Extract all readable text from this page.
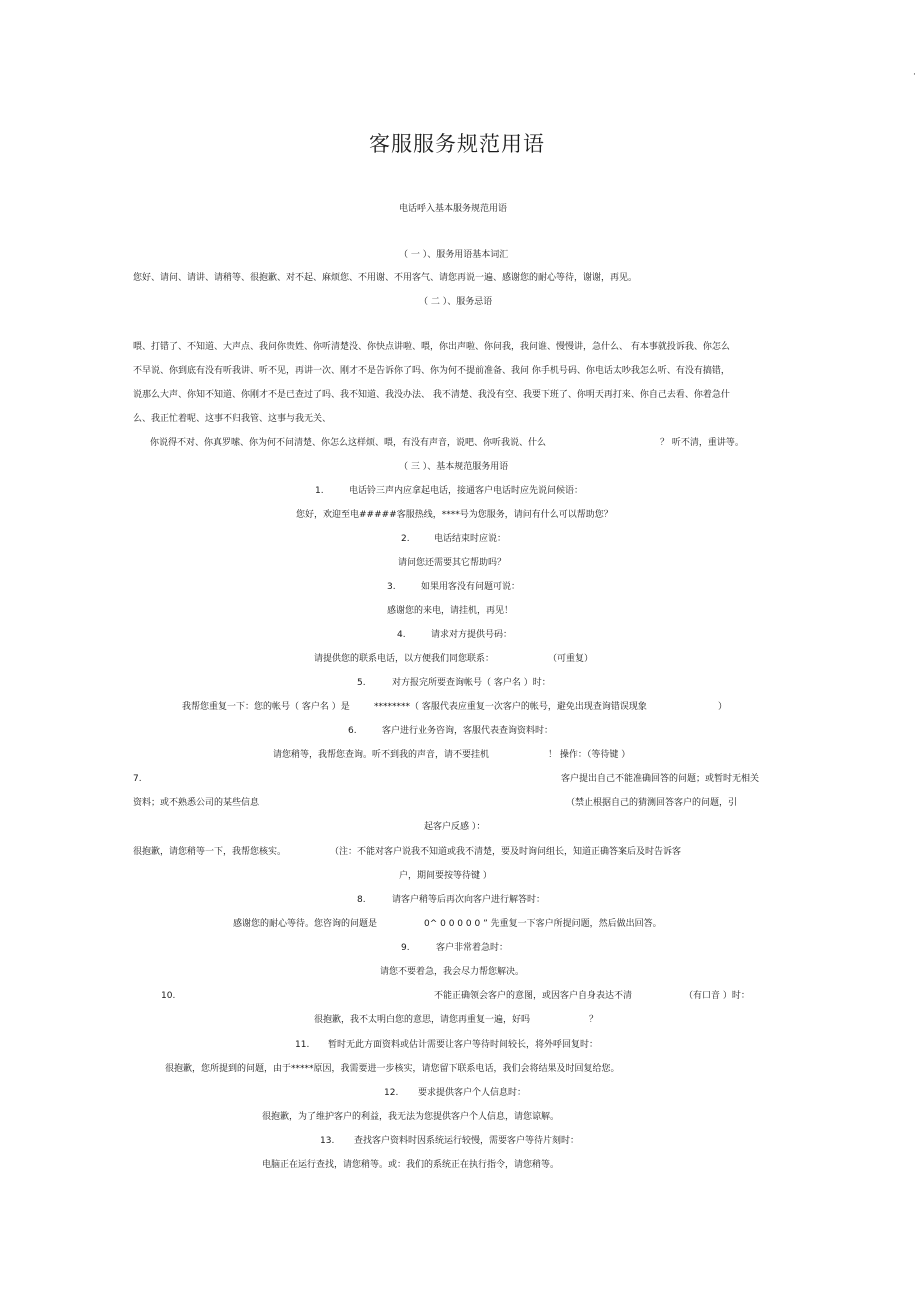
·
客服服务规范用语
电话呼入基本服务规范用语
（ 一 ）、服务用语基本词汇
您好、请问、请讲、请稍等、很抱歉、对不起、麻烦您、不用谢、不用客气、请您再说一遍、感谢您的耐心等待，谢谢，再见。
（ 二 ）、服务忌语
喂、打错了、不知道、大声点、我问你贵姓、你听清楚没、你快点讲啦、喂，你出声啦、你问我，我问谁、慢慢讲，急什么、 有本事就投诉我、你怎么
不早说、你到底有没有听我讲、听不见，再讲一次、刚才不是告诉你了吗、你为何不提前准备、我问 你手机号码、你电话太吵我怎么听、有没有搞错，
说那么大声、你知不知道、你刚才不是已查过了吗、我不知道、我没办法、 我不清楚、我没有空、我要下班了、你明天再打来、你自己去看、你着急什
么、我正忙着呢、这事不归我管、这事与我无关、
你说得不对、你真罗嗦、你为何不问清楚、你怎么这样烦、喂，有没有声音，说吧、你听我说、什么	？ 听不清，重讲等。
（ 三 ）、基本规范服务用语
1.	电话铃三声内应拿起电话，接通客户电话时应先说问候语：
您好，欢迎至电#####客服热线，****号为您服务，请问有什么可以帮助您？
2.	电话结束时应说：
请问您还需要其它帮助吗？
3.	如果用客没有问题可说：
感谢您的来电，请挂机，再见！
4.	请求对方提供号码：
请提供您的联系电话，以方便我们同您联系：	（可重复）
5.	对方报完所要查询帐号（ 客户名 ）时：
我帮您重复一下：您的帐号（ 客户名 ）是	********（ 客服代表应重复一次客户的帐号，避免出现查询错误现象	）
6.	客户进行业务咨询，客服代表查询资料时：
请您稍等，我帮您查询。听不到我的声音，请不要挂机	！ 操作：（等待键 ）
7.	客户提出自己不能准确回答的问题；或暂时无相关
资料；或不熟悉公司的某些信息	（禁止根据自己的猜测回答客户的问题，引
起客户反感 ）：
很抱歉，请您稍等一下，我帮您核实。	（注：不能对客户说我不知道或我不清楚，要及时询问组长，知道正确答案后及时告诉客
户，期间要按等待键 ）
8.	请客户稍等后再次向客户进行解答时：
感谢您的耐心等待。您咨询的问题是	0^ 0 0 0 0 0 ” 先重复一下客户所提问题，然后做出回答。
9.	客户非常着急时：
请您不要着急，我会尽力帮您解决。
10.	不能正确领会客户的意图，或因客户自身表达不清	（有口音 ）时：
很抱歉，我不太明白您的意思，请您再重复一遍，好吗	？
11. 暂时无此方面资料或估计需要让客户等待时间较长，将外呼回复时：
很抱歉，您所提到的问题，由于*****原因，我需要进一步核实，请您留下联系电话，我们会将结果及时回复给您。
12. 要求提供客户个人信息时：
很抱歉，为了维护客户的利益，我无法为您提供客户个人信息，请您谅解。
13. 查找客户资料时因系统运行较慢，需要客户等待片刻时：
电脑正在运行查找，请您稍等。或：我们的系统正在执行指令，请您稍等。
